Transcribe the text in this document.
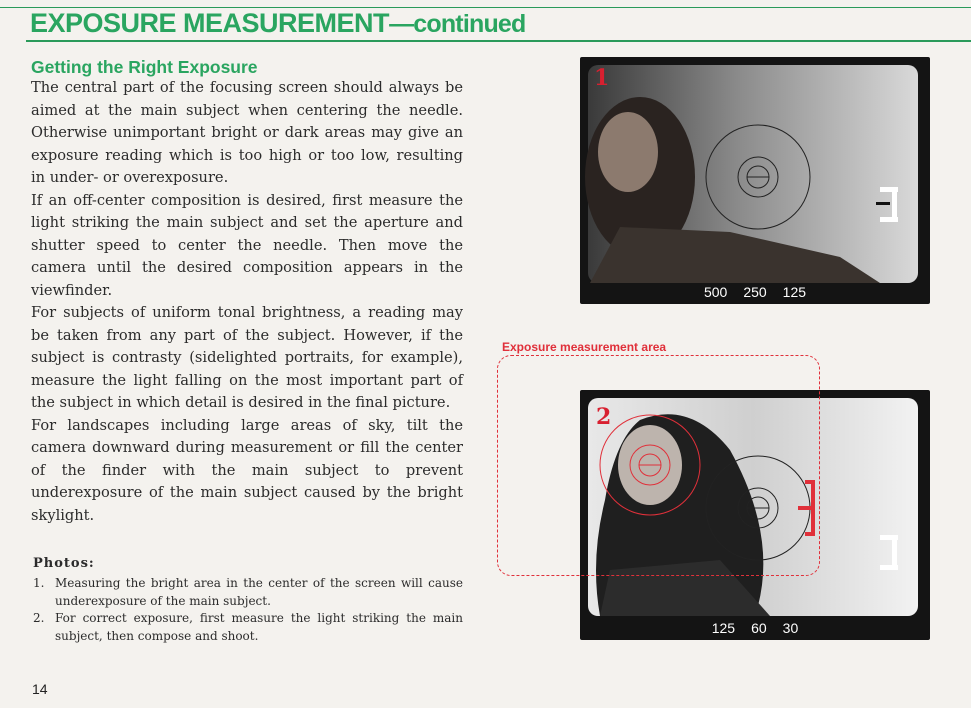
EXPOSURE MEASUREMENT—continued
Getting the Right Exposure

The central part of the focusing screen should always be aimed at the main subject when centering the needle. Otherwise unimportant bright or dark areas may give an exposure reading which is too high or too low, resulting in under- or overexposure.

If an off-center composition is desired, first measure the light striking the main subject and set the aperture and shutter speed to center the needle. Then move the camera until the desired composition appears in the viewfinder.

For subjects of uniform tonal brightness, a reading may be taken from any part of the subject. However, if the subject is contrasty (sidelighted portraits, for example), measure the light falling on the most important part of the subject in which detail is desired in the final picture.

For landscapes including large areas of sky, tilt the camera downward during measurement or fill the center of the finder with the main subject to prevent underexposure of the main subject caused by the bright skylight.

Photos:
1. Measuring the bright area in the center of the screen will cause underexposure of the main subject.
2. For correct exposure, first measure the light striking the main subject, then compose and shoot.
14
1
500 250 125
Exposure measurement area
2
125 60 30
